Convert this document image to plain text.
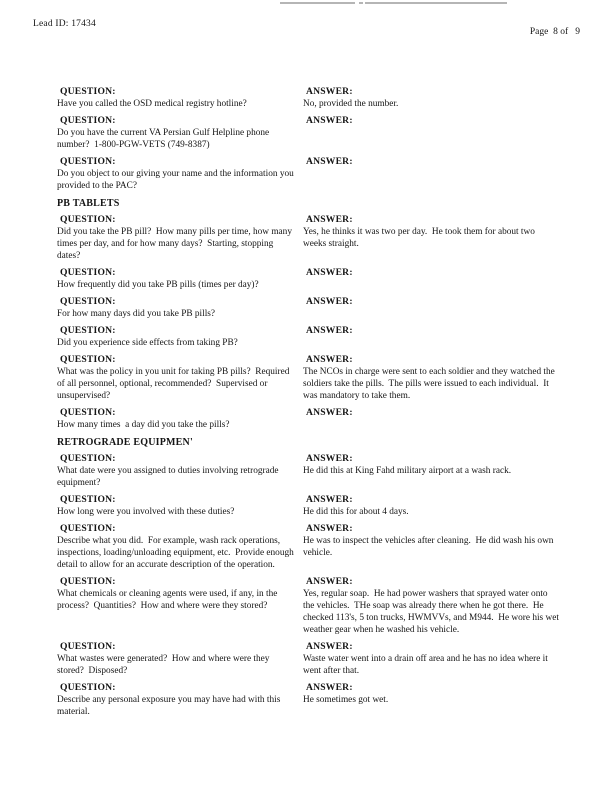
Lead ID: 17434
Page  8 of   9
QUESTION:
Have you called the OSD medical registry hotline?
ANSWER:
No, provided the number.
QUESTION:
Do you have the current VA Persian Gulf Helpline phone number?  1-800-PGW-VETS (749-8387)
ANSWER:
QUESTION:
Do you object to our giving your name and the information you provided to the PAC?
ANSWER:
PB TABLETS
QUESTION:
Did you take the PB pill?  How many pills per time, how many times per day, and for how many days?  Starting, stopping dates?
ANSWER:
Yes, he thinks it was two per day.  He took them for about two weeks straight.
QUESTION:
How frequently did you take PB pills (times per day)?
ANSWER:
QUESTION:
For how many days did you take PB pills?
ANSWER:
QUESTION:
Did you experience side effects from taking PB?
ANSWER:
QUESTION:
What was the policy in you unit for taking PB pills?  Required of all personnel, optional, recommended?  Supervised or unsupervised?
ANSWER:
The NCOs in charge were sent to each soldier and they watched the soldiers take the pills.  The pills were issued to each individual.  It was mandatory to take them.
QUESTION:
How many times  a day did you take the pills?
ANSWER:
RETROGRADE EQUIPMEN'
QUESTION:
What date were you assigned to duties involving retrograde equipment?
ANSWER:
He did this at King Fahd military airport at a wash rack.
QUESTION:
How long were you involved with these duties?
ANSWER:
He did this for about 4 days.
QUESTION:
Describe what you did.  For example, wash rack operations, inspections, loading/unloading equipment, etc.  Provide enough detail to allow for an accurate description of the operation.
ANSWER:
He was to inspect the vehicles after cleaning.  He did wash his own vehicle.
QUESTION:
What chemicals or cleaning agents were used, if any, in the process?  Quantities?  How and where were they stored?
ANSWER:
Yes, regular soap.  He had power washers that sprayed water onto the vehicles.  THe soap was already there when he got there.  He checked 113's, 5 ton trucks, HWMVVs, and M944.  He wore his wet weather gear when he washed his vehicle.
QUESTION:
What wastes were generated?  How and where were they stored?  Disposed?
ANSWER:
Waste water went into a drain off area and he has no idea where it went after that.
QUESTION:
Describe any personal exposure you may have had with this material.
ANSWER:
He sometimes got wet.
